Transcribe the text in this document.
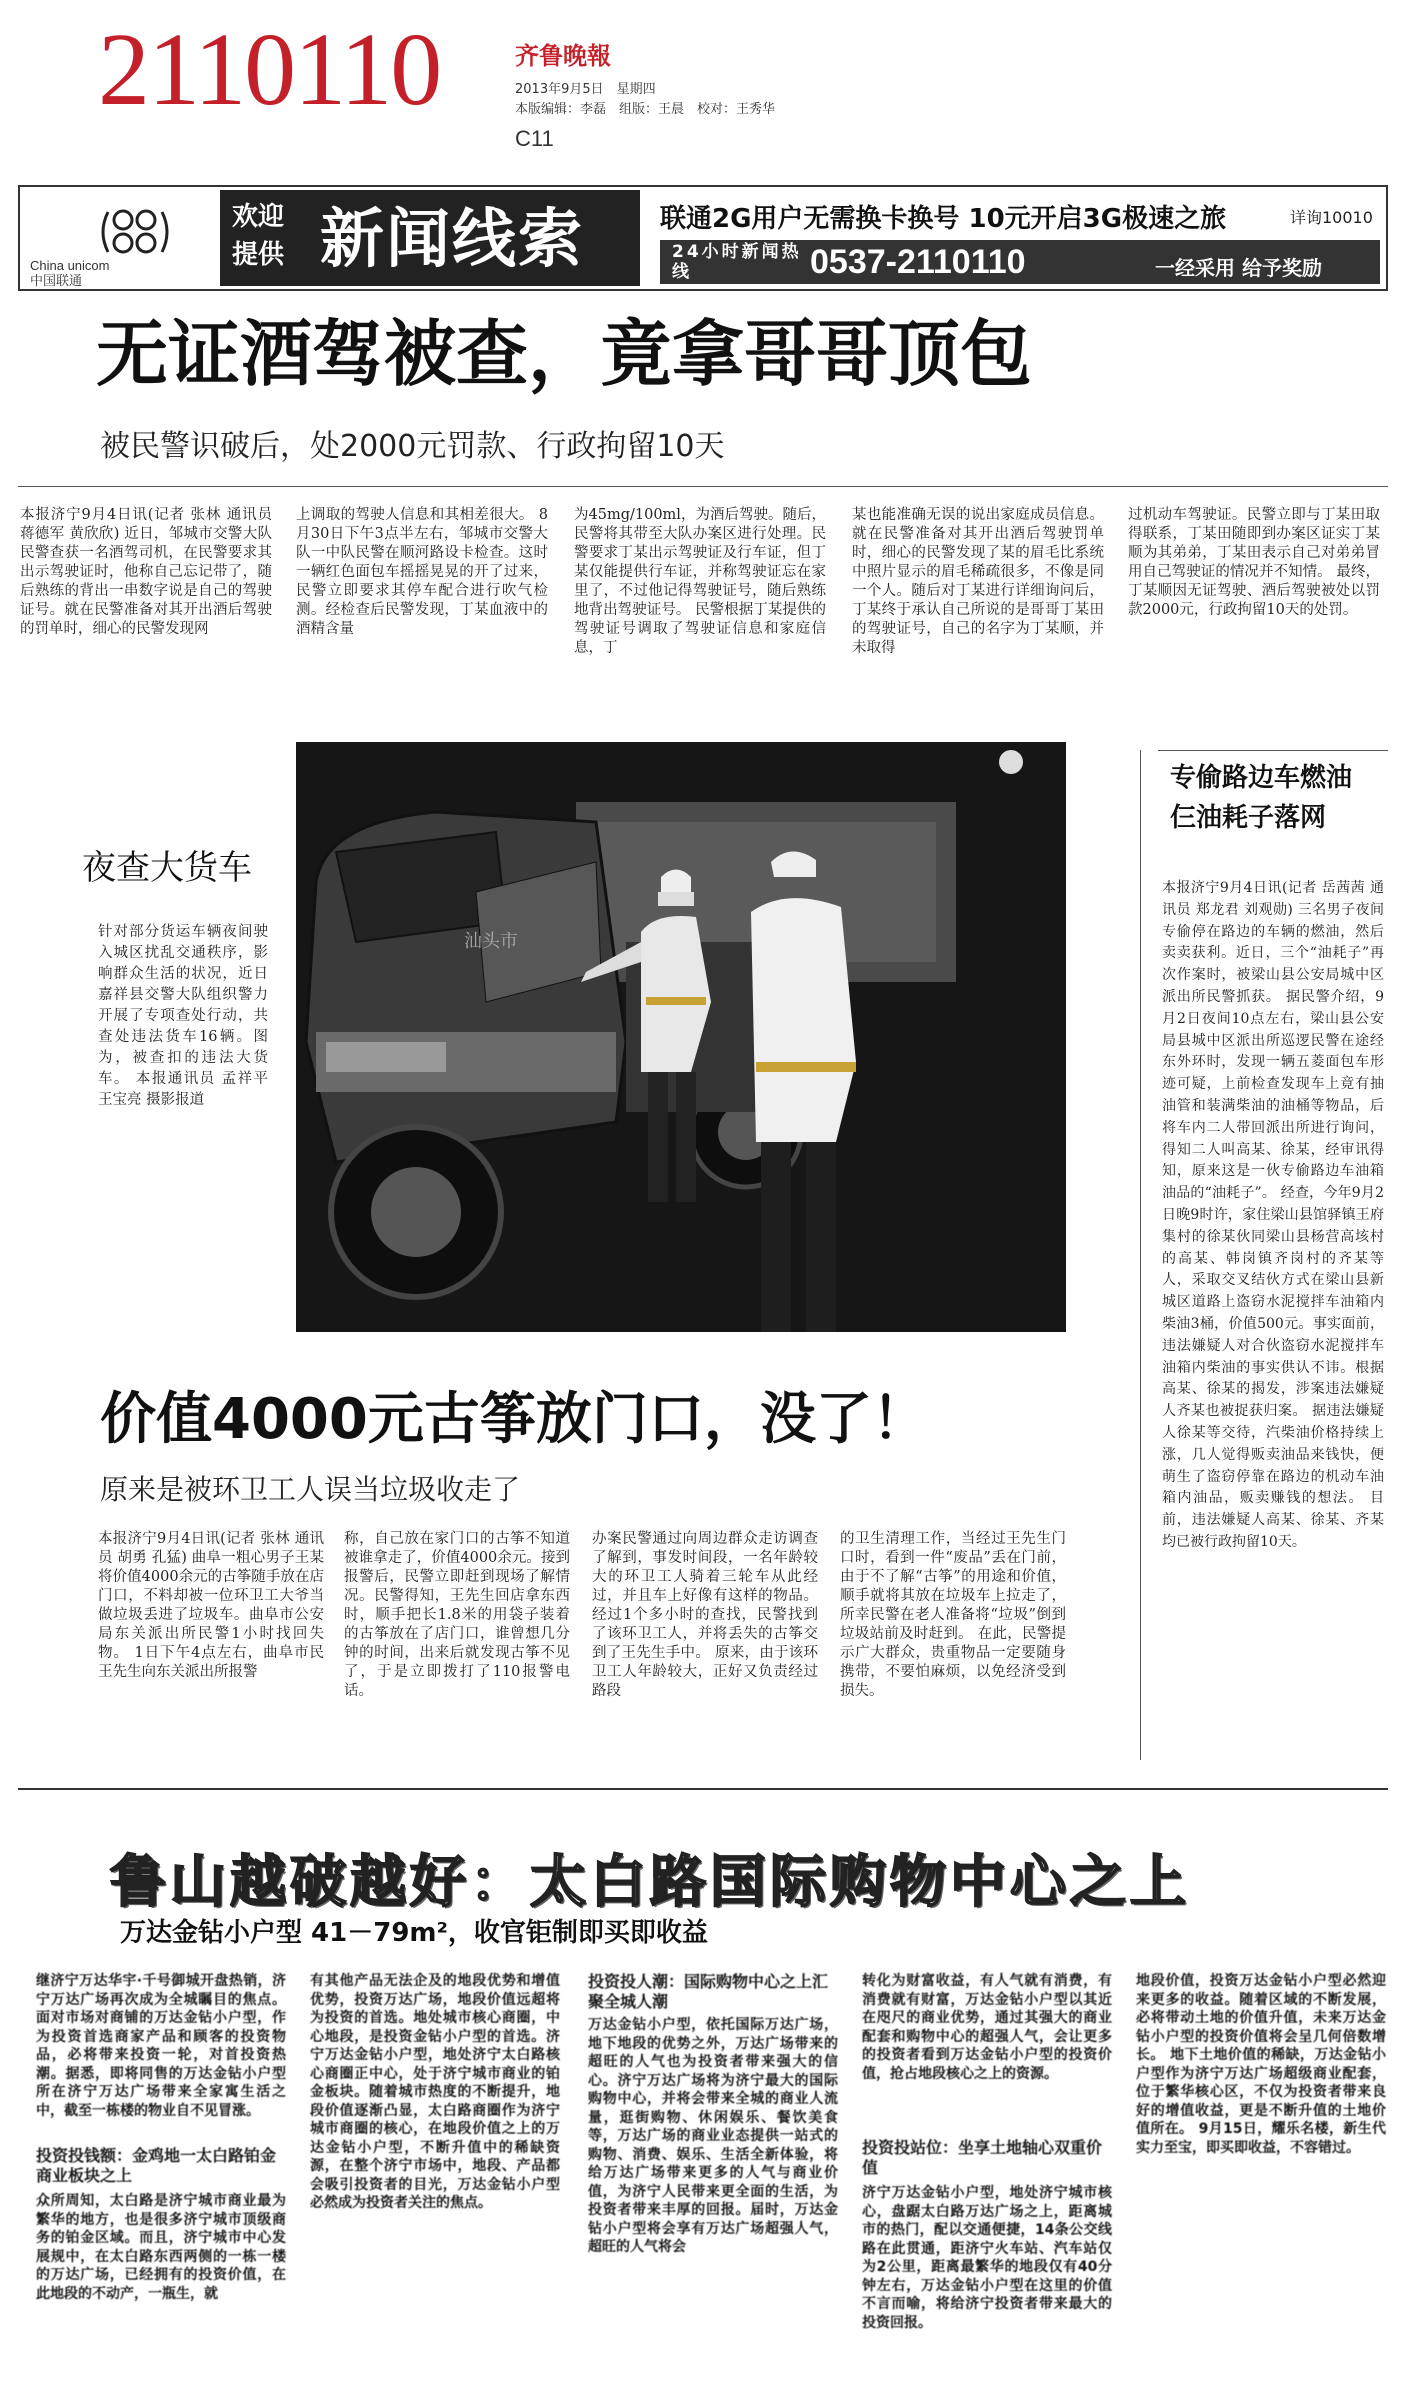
2110110	齐鲁晚報
2013年9月5日　星期四
本版编辑：李磊　组版：王晨　校对：王秀华
C11
China unicom中国联通
欢迎提供 新闻线索	联通2G用户无需换卡换号 10元开启3G极速之旅	详询10010
24小时新闻热线	0537-2110110	一经采用 给予奖励
无证酒驾被查，竟拿哥哥顶包
被民警识破后，处2000元罚款、行政拘留10天
本报济宁9月4日讯(记者 张林 通讯员 蒋德军 黄欣欣) 近日，邹城市交警大队民警查获一名酒驾司机，在民警要求其出示驾驶证时，他称自己忘记带了，随后熟练的背出一串数字说是自己的驾驶证号。就在民警准备对其开出酒后驾驶的罚单时，细心的民警发现网
上调取的驾驶人信息和其相差很大。 8月30日下午3点半左右，邹城市交警大队一中队民警在顺河路设卡检查。这时一辆红色面包车摇摇晃晃的开了过来，民警立即要求其停车配合进行吹气检测。经检查后民警发现，丁某血液中的酒精含量
为45mg/100ml，为酒后驾驶。随后，民警将其带至大队办案区进行处理。民警要求丁某出示驾驶证及行车证，但丁某仅能提供行车证，并称驾驶证忘在家里了，不过他记得驾驶证号，随后熟练地背出驾驶证号。 民警根据丁某提供的驾驶证号调取了驾驶证信息和家庭信息，丁
某也能准确无误的说出家庭成员信息。就在民警准备对其开出酒后驾驶罚单时，细心的民警发现了某的眉毛比系统中照片显示的眉毛稀疏很多，不像是同一个人。随后对丁某进行详细询问后，丁某终于承认自己所说的是哥哥丁某田的驾驶证号，自己的名字为丁某顺，并未取得
过机动车驾驶证。民警立即与丁某田取得联系，丁某田随即到办案区证实丁某顺为其弟弟，丁某田表示自己对弟弟冒用自己驾驶证的情况并不知情。 最终，丁某顺因无证驾驶、酒后驾驶被处以罚款2000元，行政拘留10天的处罚。
夜查大货车
针对部分货运车辆夜间驶入城区扰乱交通秩序，影响群众生活的状况，近日嘉祥县交警大队组织警力开展了专项查处行动，共查处违法货车16辆。图为，被查扣的违法大货车。 本报通讯员 孟祥平 王宝亮 摄影报道
汕头市
专偷路边车燃油 仨油耗子落网
本报济宁9月4日讯(记者 岳茜茜 通讯员 郑龙君 刘观勋) 三名男子夜间专偷停在路边的车辆的燃油，然后卖卖获利。近日，三个“油耗子”再次作案时，被梁山县公安局城中区派出所民警抓获。 据民警介绍，9月2日夜间10点左右，梁山县公安局县城中区派出所巡逻民警在途经东外环时，发现一辆五菱面包车形迹可疑，上前检查发现车上竟有抽油管和装满柴油的油桶等物品，后将车内二人带回派出所进行询问，得知二人叫高某、徐某，经审讯得知，原来这是一伙专偷路边车油箱油品的“油耗子”。 经查，今年9月2日晚9时许，家住梁山县馆驿镇王府集村的徐某伙同梁山县杨营高垓村的高某、韩岗镇齐岗村的齐某等人，采取交叉结伙方式在梁山县新城区道路上盗窃水泥搅拌车油箱内柴油3桶，价值500元。事实面前，违法嫌疑人对合伙盗窃水泥搅拌车油箱内柴油的事实供认不讳。根据高某、徐某的揭发，涉案违法嫌疑人齐某也被捉获归案。 据违法嫌疑人徐某等交待，汽柴油价格持续上涨，几人觉得贩卖油品来钱快，便萌生了盗窃停靠在路边的机动车油箱内油品，贩卖赚钱的想法。 目前，违法嫌疑人高某、徐某、齐某均已被行政拘留10天。
价值4000元古筝放门口，没了！
原来是被环卫工人误当垃圾收走了
本报济宁9月4日讯(记者 张林 通讯员 胡勇 孔猛) 曲阜一粗心男子王某将价值4000余元的古筝随手放在店门口，不料却被一位环卫工大爷当做垃圾丢进了垃圾车。曲阜市公安局东关派出所民警1小时找回失物。 1日下午4点左右，曲阜市民王先生向东关派出所报警
称，自己放在家门口的古筝不知道被谁拿走了，价值4000余元。接到报警后，民警立即赶到现场了解情况。民警得知，王先生回店拿东西时，顺手把长1.8米的用袋子装着的古筝放在了店门口，谁曾想几分钟的时间，出来后就发现古筝不见了，于是立即拨打了110报警电话。
办案民警通过向周边群众走访调查了解到，事发时间段，一名年龄较大的环卫工人骑着三轮车从此经过，并且车上好像有这样的物品。经过1个多小时的查找，民警找到了该环卫工人，并将丢失的古筝交到了王先生手中。 原来，由于该环卫工人年龄较大，正好又负责经过路段
的卫生清理工作，当经过王先生门口时，看到一件“废品”丢在门前，由于不了解“古筝”的用途和价值，顺手就将其放在垃圾车上拉走了，所幸民警在老人准备将“垃圾”倒到垃圾站前及时赶到。 在此，民警提示广大群众，贵重物品一定要随身携带，不要怕麻烦，以免经济受到损失。
鲁山越破越好：太白路国际购物中心之上
万达金钻小户型 41－79m²，收官钜制即买即收益
继济宁万达华宇·千号御城开盘热销，济宁万达广场再次成为全城瞩目的焦点。面对市场对商铺的万达金钻小户型，作为投资首选商家产品和顾客的投资物品，必将带来投资一轮，对首投资热潮。据悉，即将同售的万达金钻小户型所在济宁万达广场带来全家寓生活之中，截至一栋楼的物业自不见冒涨。
投资投钱额：金鸡地一太白路铂金商业板块之上
众所周知，太白路是济宁城市商业最为繁华的地方，也是很多济宁城市顶级商务的铂金区域。而且，济宁城市中心发展规中，在太白路东西两侧的一栋一楼的万达广场，已经拥有的投资价值，在此地段的不动产，一瓶生，就
有其他产品无法企及的地段优势和增值优势，投资万达广场，地段价值远超将为投资的首选。地处城市核心商圈，中心地段，是投资金钻小户型的首选。济宁万达金钻小户型，地处济宁太白路核心商圈正中心，处于济宁城市商业的铂金板块。随着城市热度的不断提升，地段价值逐渐凸显，太白路商圈作为济宁城市商圈的核心，在地段价值之上的万达金钻小户型，不断升值中的稀缺资源，在整个济宁市场中，地段、产品都会吸引投资者的目光，万达金钻小户型必然成为投资者关注的焦点。
投资投人潮：国际购物中心之上汇聚全城人潮
万达金钻小户型，依托国际万达广场，地下地段的优势之外，万达广场带来的超旺的人气也为投资者带来强大的信心。济宁万达广场将为济宁最大的国际购物中心，并将会带来全城的商业人流量，逛街购物、休闲娱乐、餐饮美食等，万达广场的商业业态提供一站式的购物、消费、娱乐、生活全新体验，将给万达广场带来更多的人气与商业价值，为济宁人民带来更全面的生活，为投资者带来丰厚的回报。届时，万达金钻小户型将会享有万达广场超强人气，超旺的人气将会
转化为财富收益，有人气就有消费，有消费就有财富，万达金钻小户型以其近在咫尺的商业优势，通过其强大的商业配套和购物中心的超强人气，会让更多的投资者看到万达金钻小户型的投资价值，抢占地段核心之上的资源。
投资投站位：坐享土地轴心双重价值
济宁万达金钻小户型，地处济宁城市核心，盘踞太白路万达广场之上，距离城市的热门，配以交通便捷，14条公交线路在此贯通，距济宁火车站、汽车站仅为2公里，距离最繁华的地段仅有40分钟左右，万达金钻小户型在这里的价值不言而喻，将给济宁投资者带来最大的投资回报。
地段价值，投资万达金钻小户型必然迎来更多的收益。随着区域的不断发展，必将带动土地的价值升值，未来万达金钻小户型的投资价值将会呈几何倍数增长。 地下土地价值的稀缺，万达金钻小户型作为济宁万达广场超级商业配套，位于繁华核心区，不仅为投资者带来良好的增值收益，更是不断升值的土地价值所在。 9月15日，耀乐名楼，新生代实力至宝，即买即收益，不容错过。
